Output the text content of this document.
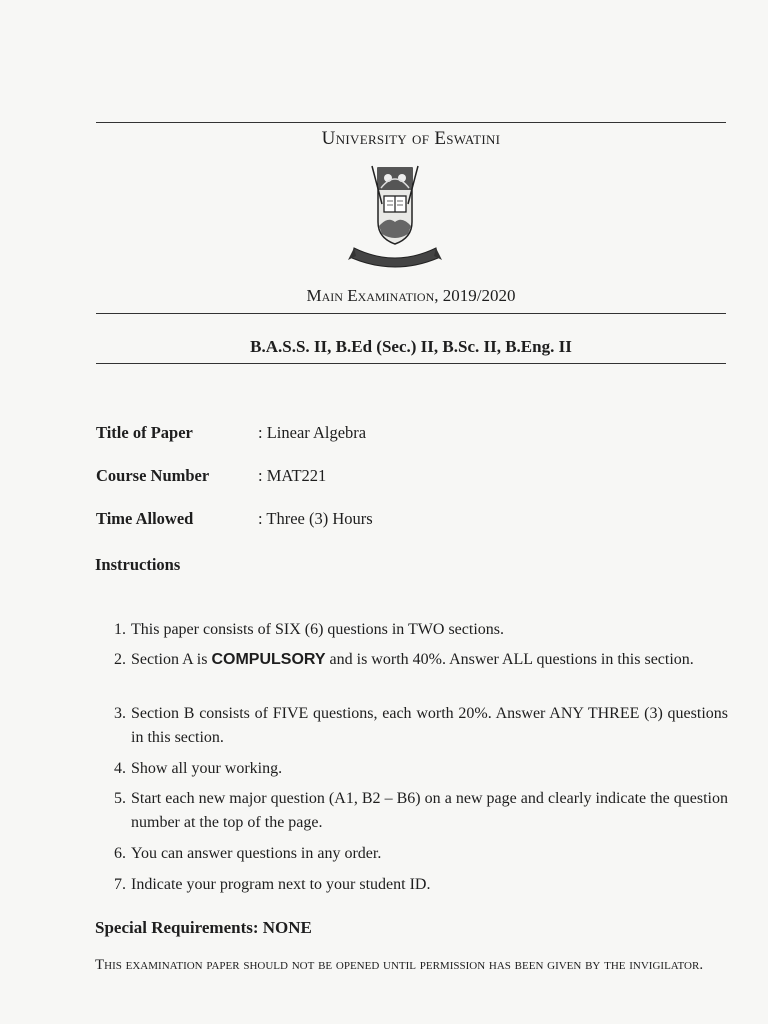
University of Eswatini
Main Examination, 2019/2020
B.A.S.S. II, B.Ed (Sec.) II, B.Sc. II, B.Eng. II
Title of Paper	: Linear Algebra
Course Number	: MAT221
Time Allowed	: Three (3) Hours
Instructions
1. This paper consists of SIX (6) questions in TWO sections.
2. Section A is COMPULSORY and is worth 40%. Answer ALL questions in this section.
3. Section B consists of FIVE questions, each worth 20%. Answer ANY THREE (3) questions in this section.
4. Show all your working.
5. Start each new major question (A1, B2 – B6) on a new page and clearly indicate the question number at the top of the page.
6. You can answer questions in any order.
7. Indicate your program next to your student ID.
Special Requirements: NONE
This examination paper should not be opened until permission has been given by the invigilator.
